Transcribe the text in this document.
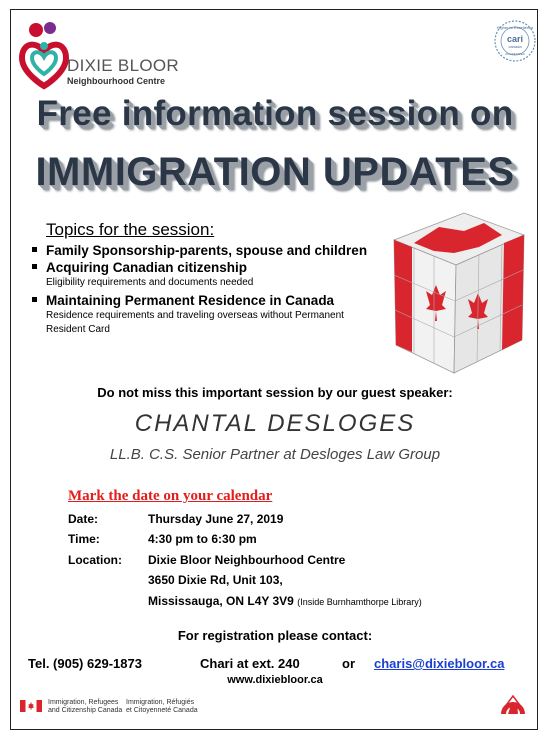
DIXIE BLOOR
Neighbourhood Centre
Higher to Excellence
cari
canada
ACCREDITED
Free information session on
IMMIGRATION UPDATES
Topics for the session:
Family Sponsorship-parents, spouse and children
Acquiring Canadian citizenship
Eligibility requirements and documents needed
Maintaining Permanent Residence in Canada
Residence requirements and traveling overseas without Permanent Resident Card
Do not miss this important session by our guest speaker:
CHANTAL DESLOGES
LL.B. C.S. Senior Partner at Desloges Law Group
Mark the date on your calendar
Date:	Thursday June 27, 2019
Time:	4:30 pm to 6:30 pm
Location: Dixie Bloor Neighbourhood Centre
3650 Dixie Rd, Unit 103,
Mississauga, ON L4Y 3V9 (Inside Burnhamthorpe Library)
For registration please contact:
Tel. (905) 629-1873	Chari at ext. 240	or charis@dixiebloor.ca
www.dixiebloor.ca
Immigration, Refugees
and Citizenship Canada
Immigration, Réfugiés
et Citoyenneté Canada
